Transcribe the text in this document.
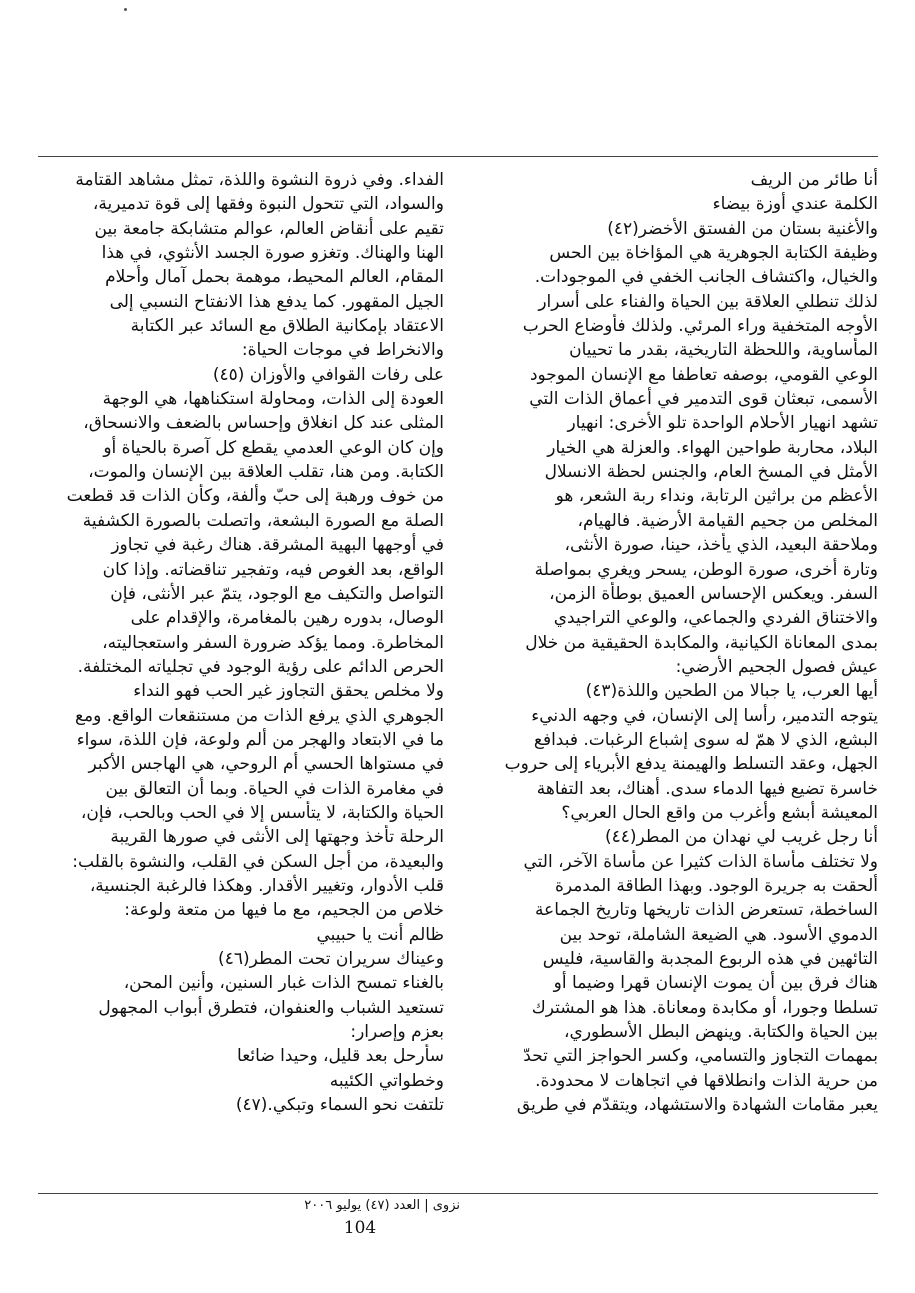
أنا طائر من الريف
الكلمة عندي أوزة بيضاء
والأغنية بستان من الفستق الأخضر(٤٢)
وظيفة الكتابة الجوهرية هي المؤاخاة بين الحس
والخيال، واكتشاف الجانب الخفي في الموجودات.
لذلك تنطلي العلاقة بين الحياة والفناء على أسرار
الأوجه المتخفية وراء المرئي. ولذلك فأوضاع الحرب
المأساوية، واللحظة التاريخية، بقدر ما تحييان
الوعي القومي، بوصفه تعاطفا مع الإنسان الموجود
الأسمى، تبعثان قوى التدمير في أعماق الذات التي
تشهد انهيار الأحلام الواحدة تلو الأخرى: انهيار
البلاد، محاربة طواحين الهواء. والعزلة هي الخيار
الأمثل في المسخ العام، والجنس لحظة الانسلال
الأعظم من براثين الرتابة، ونداء ربة الشعر، هو
المخلص من جحيم القيامة الأرضية. فالهيام،
وملاحقة البعيد، الذي يأخذ، حينا، صورة الأنثى،
وتارة أخرى، صورة الوطن، يسحر ويغري بمواصلة
السفر. ويعكس الإحساس العميق بوطأة الزمن،
والاختناق الفردي والجماعي، والوعي التراجيدي
بمدى المعاناة الكيانية، والمكابدة الحقيقية من خلال
عيش فصول الجحيم الأرضي:
أيها العرب، يا جبالا من الطحين واللذة(٤٣)
يتوجه التدمير، رأسا إلى الإنسان، في وجهه الدنيء
البشع، الذي لا همّ له سوى إشباع الرغبات. فبدافع
الجهل، وعقد التسلط والهيمنة يدفع الأبرياء إلى حروب
خاسرة تضيع فيها الدماء سدى. أهناك، بعد التفاهة
المعيشة أبشع وأغرب من واقع الحال العربي؟
أنا رجل غريب لي نهدان من المطر(٤٤)
ولا تختلف مأساة الذات كثيرا عن مأساة الآخر، التي
ألحقت به جريرة الوجود. وبهذا الطاقة المدمرة
الساخطة، تستعرض الذات تاريخها وتاريخ الجماعة
الدموي الأسود. هي الضيعة الشاملة، توحد بين
التائهين في هذه الربوع المجدبة والقاسية، فليس
هناك فرق بين أن يموت الإنسان قهرا وضيما أو
تسلطا وجورا، أو مكابدة ومعاناة. هذا هو المشترك
بين الحياة والكتابة. وينهض البطل الأسطوري،
بمهمات التجاوز والتسامي، وكسر الحواجز التي تحدّ
من حرية الذات وانطلاقها في اتجاهات لا محدودة.
يعبر مقامات الشهادة والاستشهاد، ويتقدّم في طريق
الفداء. وفي ذروة النشوة واللذة، تمثل مشاهد القتامة
والسواد، التي تتحول النبوة وفقها إلى قوة تدميرية،
تقيم على أنقاض العالم، عوالم متشابكة جامعة بين
الهنا والهناك. وتغزو صورة الجسد الأنثوي، في هذا
المقام، العالم المحيط، موهمة بحمل آمال وأحلام
الجيل المقهور. كما يدفع هذا الانفتاح النسبي إلى
الاعتقاد بإمكانية الطلاق مع السائد عبر الكتابة
والانخراط في موجات الحياة:
على رفات القوافي والأوزان (٤٥)
العودة إلى الذات، ومحاولة استكناهها، هي الوجهة
المثلى عند كل انغلاق وإحساس بالضعف والانسحاق،
وإن كان الوعي العدمي يقطع كل آصرة بالحياة أو
الكتابة. ومن هنا، تقلب العلاقة بين الإنسان والموت،
من خوف ورهبة إلى حبّ وألفة، وكأن الذات قد قطعت
الصلة مع الصورة البشعة، واتصلت بالصورة الكشفية
في أوجهها البهية المشرقة. هناك رغبة في تجاوز
الواقع، بعد الغوص فيه، وتفجير تناقضاته. وإذا كان
التواصل والتكيف مع الوجود، يتمّ عبر الأنثى، فإن
الوصال، بدوره رهين بالمغامرة، والإقدام على
المخاطرة. ومما يؤكد ضرورة السفر واستعجاليته،
الحرص الدائم على رؤية الوجود في تجلياته المختلفة.
ولا مخلص يحقق التجاوز غير الحب فهو النداء
الجوهري الذي يرفع الذات من مستنقعات الواقع. ومع
ما في الابتعاد والهجر من ألم ولوعة، فإن اللذة، سواء
في مستواها الحسي أم الروحي، هي الهاجس الأكبر
في مغامرة الذات في الحياة. وبما أن التعالق بين
الحياة والكتابة، لا يتأسس إلا في الحب وبالحب، فإن،
الرحلة تأخذ وجهتها إلى الأنثى في صورها القريبة
والبعيدة، من أجل السكن في القلب، والنشوة بالقلب:
قلب الأدوار، وتغيير الأقدار. وهكذا فالرغبة الجنسية،
خلاص من الجحيم، مع ما فيها من متعة ولوعة:
ظالم أنت يا حبيبي
وعيناك سريران تحت المطر(٤٦)
بالغناء تمسح الذات غبار السنين، وأنين المحن،
تستعيد الشباب والعنفوان، فتطرق أبواب المجهول
بعزم وإصرار:
سأرحل بعد قليل، وحيدا ضائعا
وخطواتي الكئيبه
تلتفت نحو السماء وتبكي.(٤٧)
نزوى | العدد (٤٧) يوليو ٢٠٠٦
104
